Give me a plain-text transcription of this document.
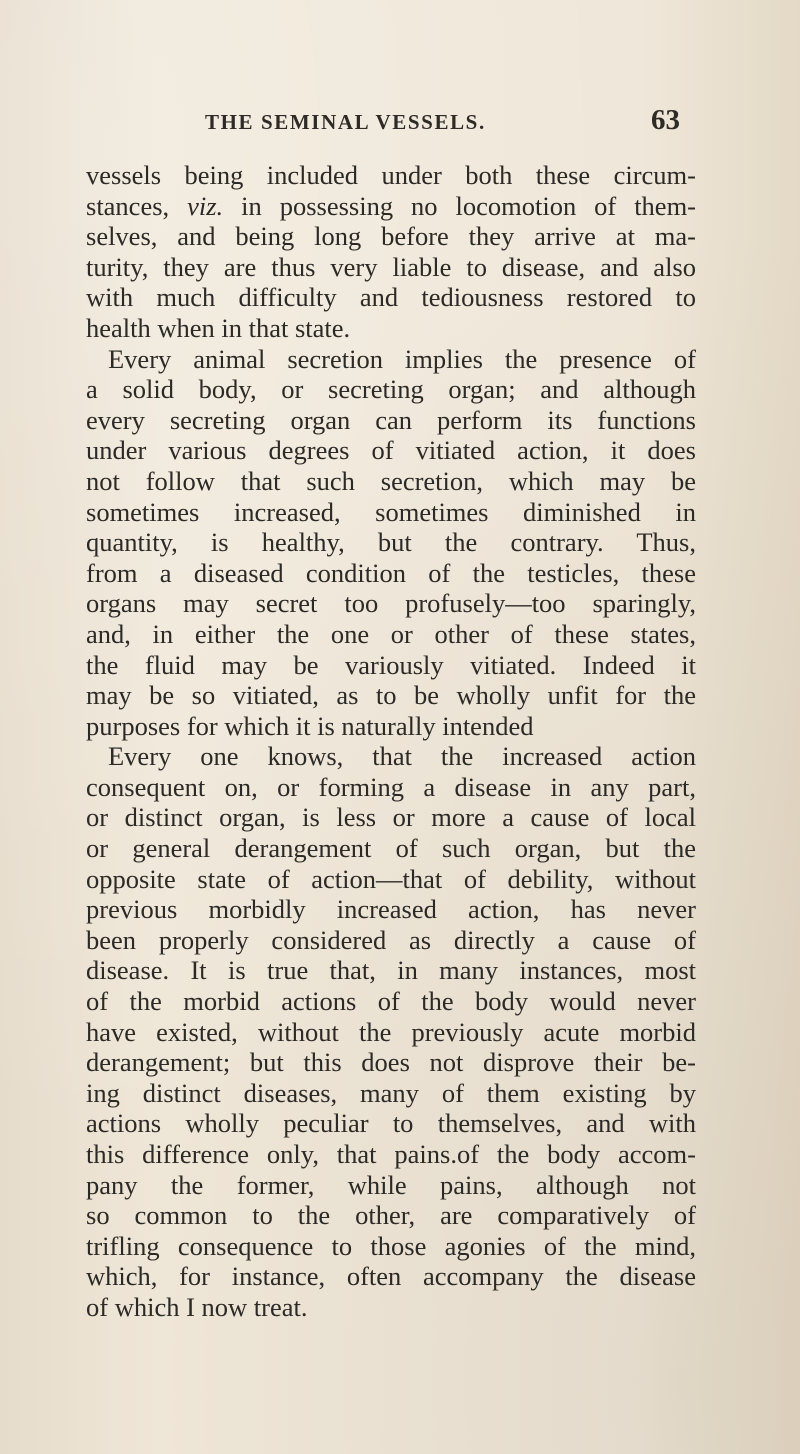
THE SEMINAL VESSELS.	63
vessels being included under both these circum-
stances, viz. in possessing no locomotion of them-
selves, and being long before they arrive at ma-
turity, they are thus very liable to disease, and also
with much difficulty and tediousness restored to
health when in that state.
Every animal secretion implies the presence of
a solid body, or secreting organ; and although
every secreting organ can perform its functions
under various degrees of vitiated action, it does
not follow that such secretion, which may be
sometimes increased, sometimes diminished in
quantity, is healthy, but the contrary. Thus,
from a diseased condition of the testicles, these
organs may secret too profusely—too sparingly,
and, in either the one or other of these states,
the fluid may be variously vitiated. Indeed it
may be so vitiated, as to be wholly unfit for the
purposes for which it is naturally intended
Every one knows, that the increased action
consequent on, or forming a disease in any part,
or distinct organ, is less or more a cause of local
or general derangement of such organ, but the
opposite state of action—that of debility, without
previous morbidly increased action, has never
been properly considered as directly a cause of
disease. It is true that, in many instances, most
of the morbid actions of the body would never
have existed, without the previously acute morbid
derangement; but this does not disprove their be-
ing distinct diseases, many of them existing by
actions wholly peculiar to themselves, and with
this difference only, that pains.of the body accom-
pany the former, while pains, although not
so common to the other, are comparatively of
trifling consequence to those agonies of the mind,
which, for instance, often accompany the disease
of which I now treat.
